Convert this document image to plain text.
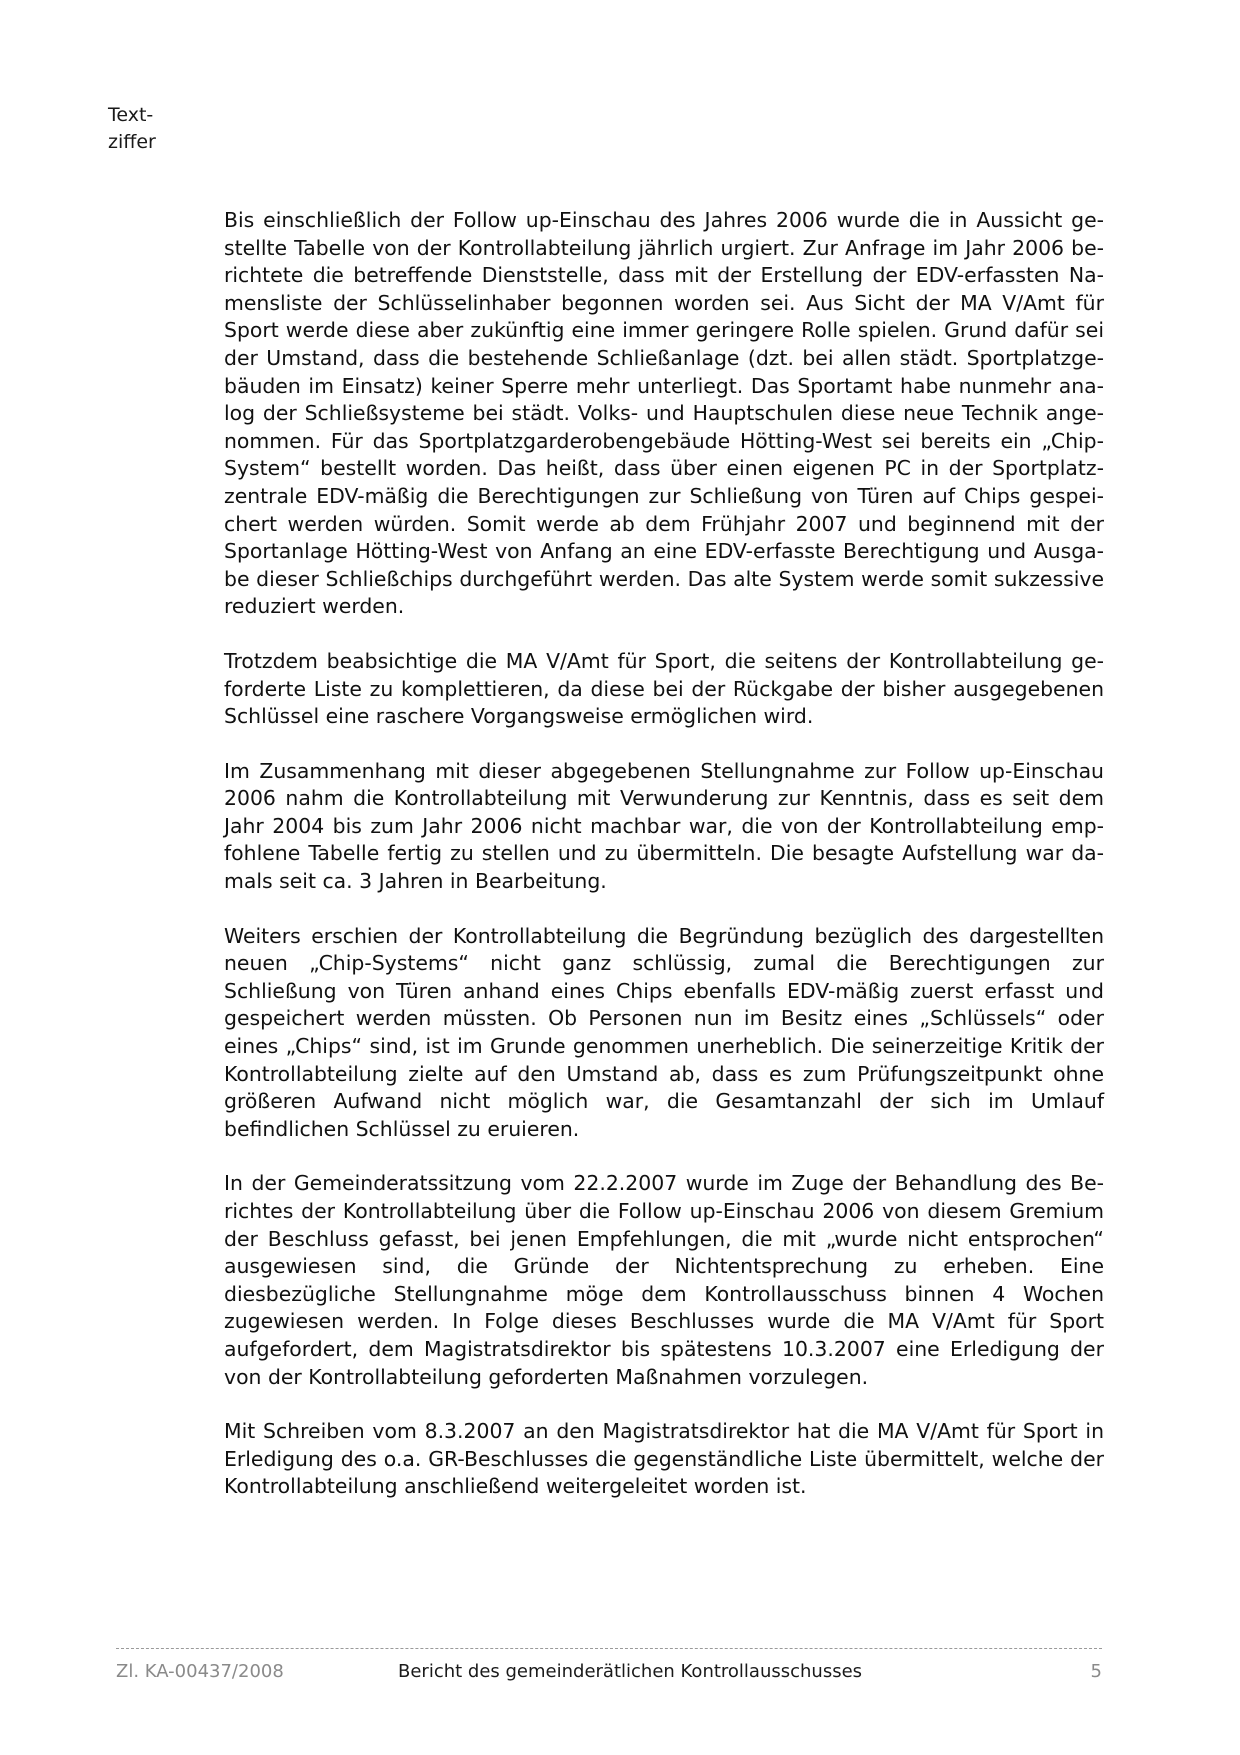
Text-
ziffer

Bis einschließlich der Follow up-Einschau des Jahres 2006 wurde die in Aussicht gestellte Tabelle von der Kontrollabteilung jährlich urgiert. Zur Anfrage im Jahr 2006 berichtete die betreffende Dienststelle, dass mit der Erstellung der EDV-erfassten Namensliste der Schlüsselinhaber begonnen worden sei. Aus Sicht der MA V/Amt für Sport werde diese aber zukünftig eine immer geringere Rolle spielen. Grund dafür sei der Umstand, dass die bestehende Schließanlage (dzt. bei allen städt. Sportplatzgebäuden im Einsatz) keiner Sperre mehr unterliegt. Das Sportamt habe nunmehr analog der Schließsysteme bei städt. Volks- und Hauptschulen diese neue Technik angenommen. Für das Sportplatzgarderobengebäude Hötting-West sei bereits ein „Chip-System“ bestellt worden. Das heißt, dass über einen eigenen PC in der Sportplatzzentrale EDV-mäßig die Berechtigungen zur Schließung von Türen auf Chips gespeichert werden würden. Somit werde ab dem Frühjahr 2007 und beginnend mit der Sportanlage Hötting-West von Anfang an eine EDV-erfasste Berechtigung und Ausgabe dieser Schließchips durchgeführt werden. Das alte System werde somit sukzessive reduziert werden.

Trotzdem beabsichtige die MA V/Amt für Sport, die seitens der Kontrollabteilung geforderte Liste zu komplettieren, da diese bei der Rückgabe der bisher ausgegebenen Schlüssel eine raschere Vorgangsweise ermöglichen wird.

Im Zusammenhang mit dieser abgegebenen Stellungnahme zur Follow up-Einschau 2006 nahm die Kontrollabteilung mit Verwunderung zur Kenntnis, dass es seit dem Jahr 2004 bis zum Jahr 2006 nicht machbar war, die von der Kontrollabteilung empfohlene Tabelle fertig zu stellen und zu übermitteln. Die besagte Aufstellung war damals seit ca. 3 Jahren in Bearbeitung.

Weiters erschien der Kontrollabteilung die Begründung bezüglich des dargestellten neuen „Chip-Systems“ nicht ganz schlüssig, zumal die Berechtigungen zur Schließung von Türen anhand eines Chips ebenfalls EDV-mäßig zuerst erfasst und gespeichert werden müssten. Ob Personen nun im Besitz eines „Schlüssels“ oder eines „Chips“ sind, ist im Grunde genommen unerheblich. Die seinerzeitige Kritik der Kontrollabteilung zielte auf den Umstand ab, dass es zum Prüfungszeitpunkt ohne größeren Aufwand nicht möglich war, die Gesamtanzahl der sich im Umlauf befindlichen Schlüssel zu eruieren.

In der Gemeinderatssitzung vom 22.2.2007 wurde im Zuge der Behandlung des Berichtes der Kontrollabteilung über die Follow up-Einschau 2006 von diesem Gremium der Beschluss gefasst, bei jenen Empfehlungen, die mit „wurde nicht entsprochen“ ausgewiesen sind, die Gründe der Nichtentsprechung zu erheben. Eine diesbezügliche Stellungnahme möge dem Kontrollausschuss binnen 4 Wochen zugewiesen werden. In Folge dieses Beschlusses wurde die MA V/Amt für Sport aufgefordert, dem Magistratsdirektor bis spätestens 10.3.2007 eine Erledigung der von der Kontrollabteilung geforderten Maßnahmen vorzulegen.

Mit Schreiben vom 8.3.2007 an den Magistratsdirektor hat die MA V/Amt für Sport in Erledigung des o.a. GR-Beschlusses die gegenständliche Liste übermittelt, welche der Kontrollabteilung anschließend weitergeleitet worden ist.

Zl. KA-00437/2008	Bericht des gemeinderätlichen Kontrollausschusses	5
